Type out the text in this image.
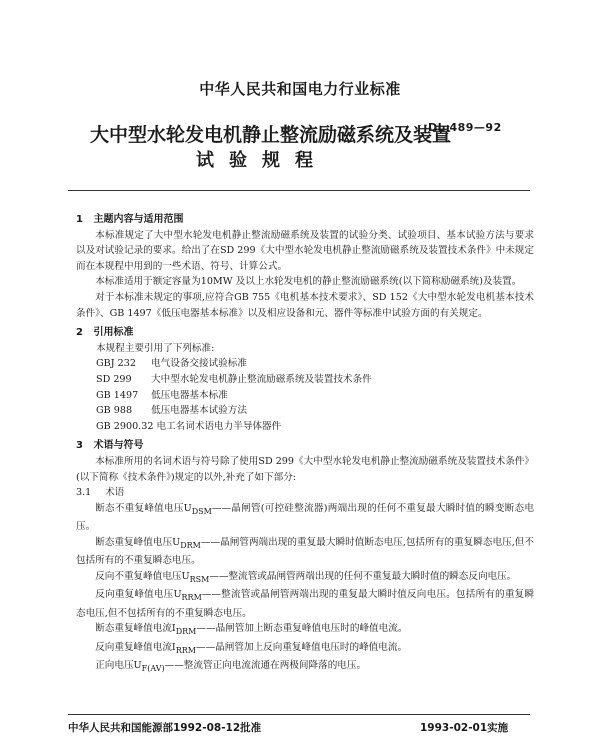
中华人民共和国电力行业标准
大中型水轮发电机静止整流励磁系统及装置
DL 489—92
试验规程

1 主题内容与适用范围

本标准规定了大中型水轮发电机静止整流励磁系统及装置的试验分类、试验项目、基本试验方法与要求以及对试验记录的要求。给出了在SD 299《大中型水轮发电机静止整流励磁系统及装置技术条件》中未规定而在本规程中用到的一些术语、符号、计算公式。

本标准适用于额定容量为10MW 及以上水轮发电机的静止整流励磁系统(以下简称励磁系统)及装置。

对于本标准未规定的事项,应符合GB 755《电机基本技术要求》、SD 152《大中型水轮发电机基本技术条件》、GB 1497《低压电器基本标准》以及相应设备和元、器件等标准中试验方面的有关规定。

2 引用标准

本规程主要引用了下列标准:

GBJ 232 电气设备交接试验标准

SD 299 大中型水轮发电机静止整流励磁系统及装置技术条件

GB 1497 低压电器基本标准

GB 988 低压电器基本试验方法

GB 2900.32 电工名词术语电力半导体器件

3 术语与符号

本标准所用的名词术语与符号除了使用SD 299《大中型水轮发电机静止整流励磁系统及装置技术条件》(以下简称《技术条件》)规定的以外,补充了如下部分:

3.1 术语

断态不重复峰值电压$U_{DSM}——$晶闸管(可控硅整流器)两端出现的任何不重复最大瞬时值的瞬变断态电压。

断态重复峰值电压$U_{DRM}——$晶闸管两端出现的重复最大瞬时值断态电压,包括所有的重复瞬态电压,但不包括所有的不重复瞬态电压。

反向不重复峰值电压$U_{RSM}——$整流管或晶闸管两端出现的任何不重复最大瞬时值的瞬态反向电压。

反向重复峰值电压$U_{RRM}——$整流管或晶闸管两端出现的重复最大瞬时值反向电压。包括所有的重复瞬态电压,但不包括所有的不重复瞬态电压。

断态重复峰值电流$I_{DRM}——$晶闸管加上断态重复峰值电压时的峰值电流。

反向重复峰值电流$I_{RRM}——$晶闸管加上反向重复峰值电压时的峰值电流。

正向电压$U_{F(AV)}——$整流管正向电流流通在两极间降落的电压。

中华人民共和国能源部1992-08-12批准	1993-02-01实施
